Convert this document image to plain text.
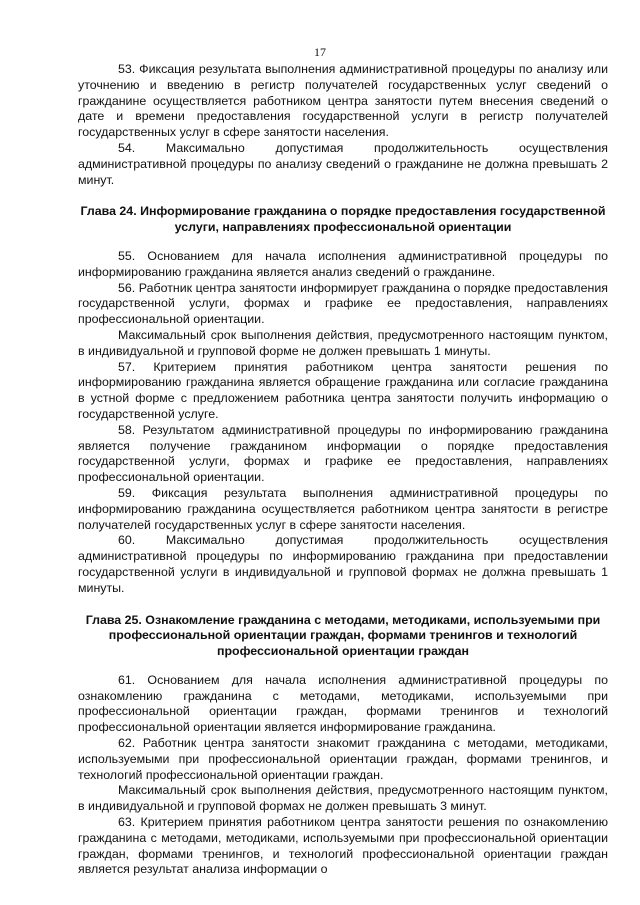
17

53. Фиксация результата выполнения административной процедуры по анализу или уточнению и введению в регистр получателей государственных услуг сведений о гражданине осуществляется работником центра занятости путем внесения сведений о дате и времени предоставления государственной услуги в регистр получателей государственных услуг в сфере занятости населения.

54. Максимально допустимая продолжительность осуществления административной процедуры по анализу сведений о гражданине не должна превышать 2 минут.

Глава 24. Информирование гражданина о порядке предоставления государственной услуги, направлениях профессиональной ориентации

55. Основанием для начала исполнения административной процедуры по информированию гражданина является анализ сведений о гражданине.

56. Работник центра занятости информирует гражданина о порядке предоставления государственной услуги, формах и графике ее предоставления, направлениях профессиональной ориентации.

Максимальный срок выполнения действия, предусмотренного настоящим пунктом, в индивидуальной и групповой форме не должен превышать 1 минуты.

57. Критерием принятия работником центра занятости решения по информированию гражданина является обращение гражданина или согласие гражданина в устной форме с предложением работника центра занятости получить информацию о государственной услуге.

58. Результатом административной процедуры по информированию гражданина является получение гражданином информации о порядке предоставления государственной услуги, формах и графике ее предоставления, направлениях профессиональной ориентации.

59. Фиксация результата выполнения административной процедуры по информированию гражданина осуществляется работником центра занятости в регистре получателей государственных услуг в сфере занятости населения.

60. Максимально допустимая продолжительность осуществления административной процедуры по информированию гражданина при предоставлении государственной услуги в индивидуальной и групповой формах не должна превышать 1 минуты.

Глава 25. Ознакомление гражданина с методами, методиками, используемыми при профессиональной ориентации граждан, формами тренингов и технологий профессиональной ориентации граждан

61. Основанием для начала исполнения административной процедуры по ознакомлению гражданина с методами, методиками, используемыми при профессиональной ориентации граждан, формами тренингов и технологий профессиональной ориентации является информирование гражданина.

62. Работник центра занятости знакомит гражданина с методами, методиками, используемыми при профессиональной ориентации граждан, формами тренингов, и технологий профессиональной ориентации граждан.

Максимальный срок выполнения действия, предусмотренного настоящим пунктом, в индивидуальной и групповой формах не должен превышать 3 минут.

63. Критерием принятия работником центра занятости решения по ознакомлению гражданина с методами, методиками, используемыми при профессиональной ориентации граждан, формами тренингов, и технологий профессиональной ориентации граждан является результат анализа информации о
